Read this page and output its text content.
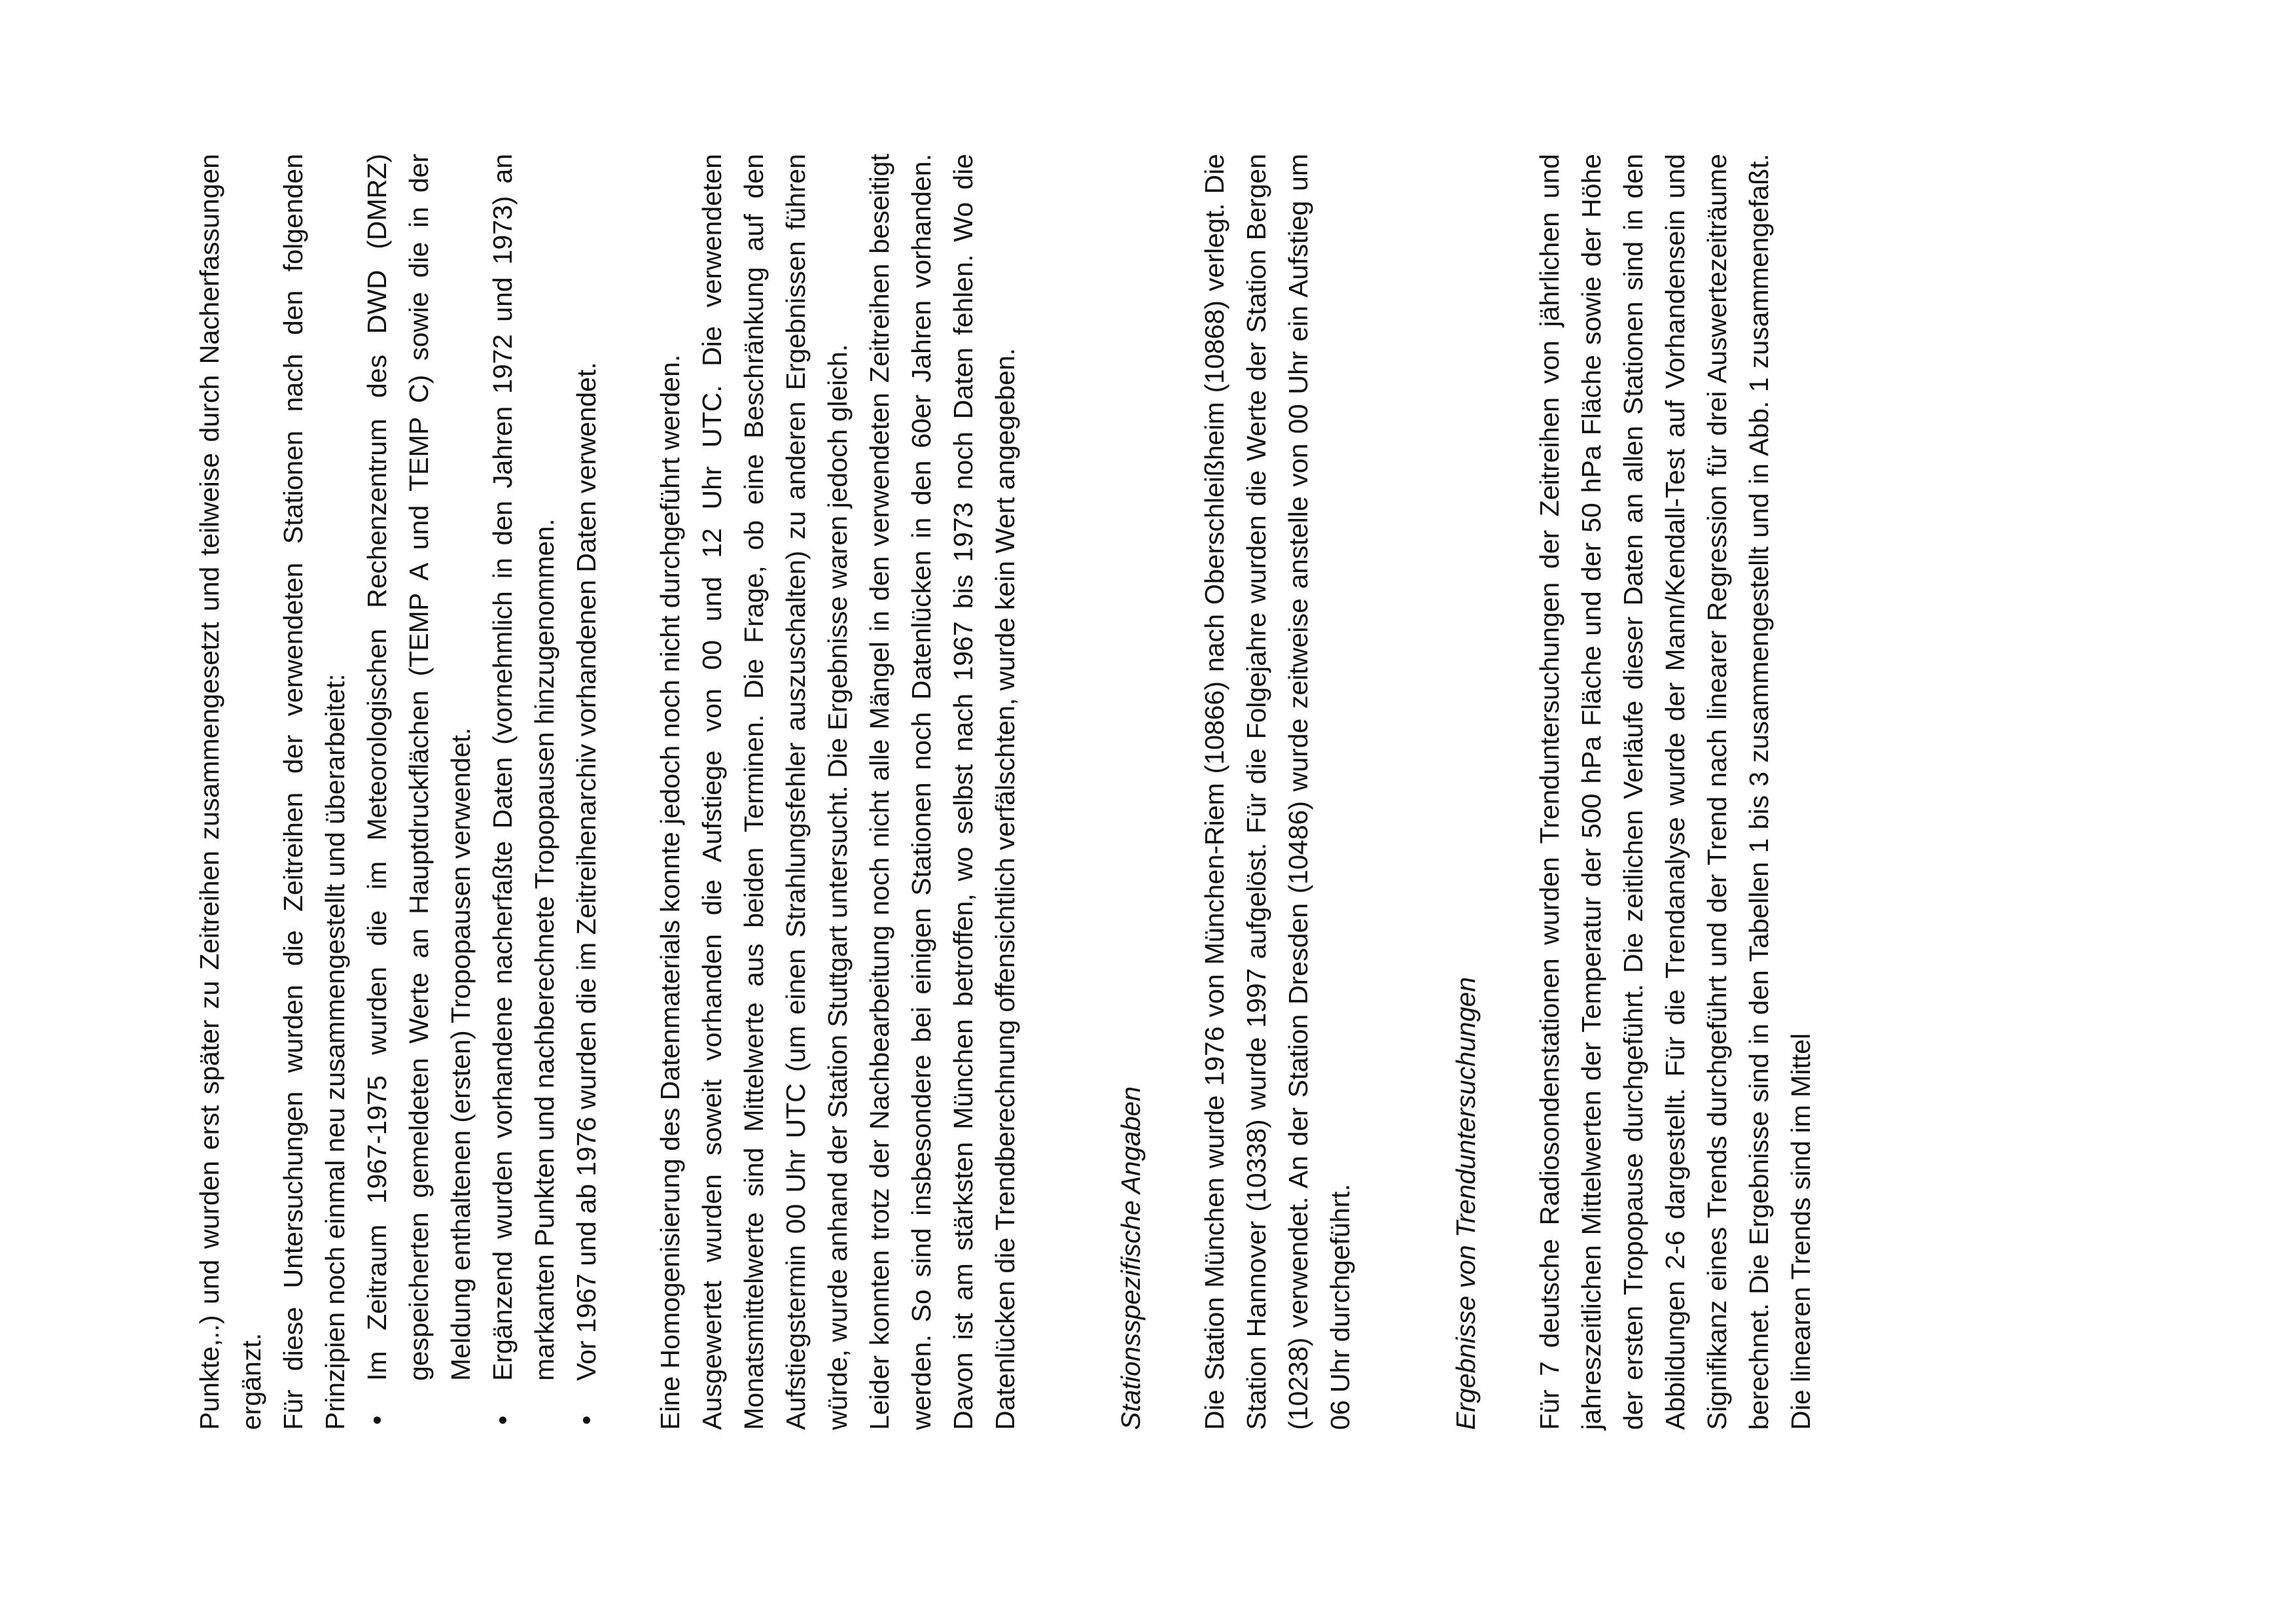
Punkte,..) und wurden erst später zu Zeitreihen zusammengesetzt und teilweise durch Nacherfassungen ergänzt. Für diese Untersuchungen wurden die Zeitreihen der verwendeten Stationen nach den folgenden Prinzipien noch einmal neu zusammengestellt und überarbeitet: •
Im Zeitraum 1967-1975 wurden die im Meteorologischen Rechenzentrum des DWD (DMRZ) gespeicherten gemeldeten Werte an Hauptdruckflächen (TEMP A und TEMP C) sowie die in der Meldung enthaltenen (ersten) Tropopausen verwendet.
•
Ergänzend wurden vorhandene nacherfaßte Daten (vornehmlich in den Jahren 1972 und 1973) an markanten Punkten und nachberechnete Tropopausen hinzugenommen.
•
Vor 1967 und ab 1976 wurden die im Zeitreihenarchiv vorhandenen Daten verwendet. Eine Homogenisierung des Datenmaterials konnte jedoch noch nicht durchgeführt werden. Ausgewertet wurden soweit vorhanden die Aufstiege von 00 und 12 Uhr UTC. Die verwendeten Monatsmittelwerte sind Mittelwerte aus beiden Terminen. Die Frage, ob eine Beschränkung auf den Aufstiegstermin 00 Uhr UTC (um einen Strahlungsfehler auszuschalten) zu anderen Ergebnissen führen würde, wurde anhand der Station Stuttgart untersucht. Die Ergebnisse waren jedoch gleich. Leider konnten trotz der Nachbearbeitung noch nicht alle Mängel in den verwendeten Zeitreihen beseitigt werden. So sind insbesondere bei einigen Stationen noch Datenlücken in den 60er Jahren vorhanden. Davon ist am stärksten München betroffen, wo selbst nach 1967 bis 1973 noch Daten fehlen. Wo die Datenlücken die Trendberechnung offensichtlich verfälschten, wurde kein Wert angegeben.	Stationsspezifische Angaben Die Station München wurde 1976 von München-Riem (10866) nach Oberschleißheim (10868) verlegt. Die Station Hannover (10338) wurde 1997 aufgelöst. Für die Folgejahre wurden die Werte der Station Bergen (10238) verwendet. An der Station Dresden (10486) wurde zeitweise anstelle von 00 Uhr ein Aufstieg um 06 Uhr durchgeführt.	Ergebnisse von Trenduntersuchungen Für 7 deutsche Radiosondenstationen wurden Trenduntersuchungen der Zeitreihen von jährlichen und jahreszeitlichen Mittelwerten der Temperatur der 500 hPa Fläche und der 50 hPa Fläche sowie der Höhe der ersten Tropopause durchgeführt. Die zeitlichen Verläufe dieser Daten an allen Stationen sind in den Abbildungen 2-6 dargestellt. Für die Trendanalyse wurde der Mann/Kendall-Test auf Vorhandensein und Signifikanz eines Trends durchgeführt und der Trend nach linearer Regression für drei Auswertezeiträume berechnet. Die Ergebnisse sind in den Tabellen 1 bis 3 zusammengestellt und in Abb. 1 zusammengefaßt. Die linearen Trends sind im Mittel
